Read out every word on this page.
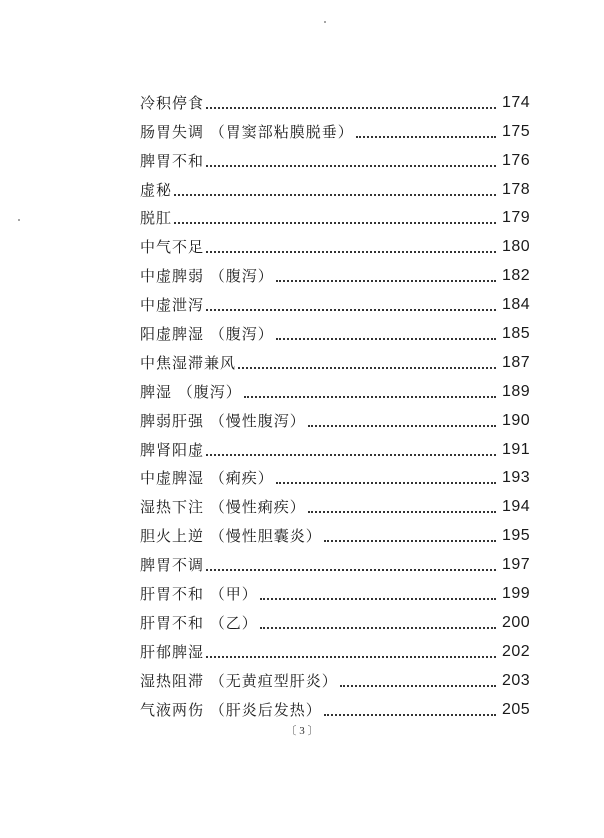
冷积停食	174
肠胃失调 （胃窦部粘膜脱垂）	175
脾胃不和	176
虚秘	178
脱肛	179
中气不足	180
中虚脾弱 （腹泻）	182
中虚泄泻	184
阳虚脾湿 （腹泻）	185
中焦湿滞兼风	187
脾湿 （腹泻）	189
脾弱肝强 （慢性腹泻）	190
脾肾阳虚	191
中虚脾湿 （痢疾）	193
湿热下注 （慢性痢疾）	194
胆火上逆 （慢性胆囊炎）	195
脾胃不调	197
肝胃不和 （甲）	199
肝胃不和 （乙）	200
肝郁脾湿	202
湿热阻滞 （无黄疸型肝炎）	203
气液两伤 （肝炎后发热）	205
〔 3 〕
